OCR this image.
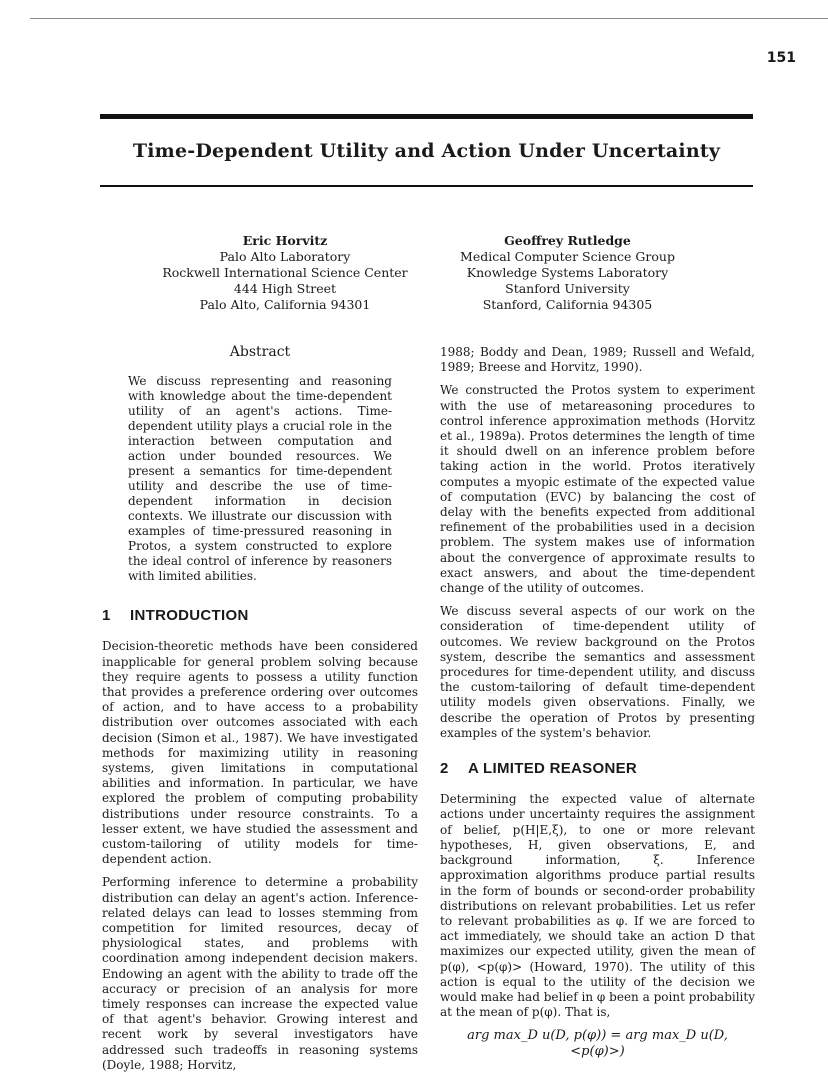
151
Time-Dependent Utility and Action Under Uncertainty
Eric Horvitz
Palo Alto Laboratory
Rockwell International Science Center
444 High Street
Palo Alto, California 94301
Geoffrey Rutledge
Medical Computer Science Group
Knowledge Systems Laboratory
Stanford University
Stanford, California 94305
Abstract
We discuss representing and reasoning with knowledge about the time-dependent utility of an agent's actions. Time-dependent utility plays a crucial role in the interaction between computation and action under bounded resources. We present a semantics for time-dependent utility and describe the use of time-dependent information in decision contexts. We illustrate our discussion with examples of time-pressured reasoning in Protos, a system constructed to explore the ideal control of inference by reasoners with limited abilities.
1	INTRODUCTION

Decision-theoretic methods have been considered inapplicable for general problem solving because they require agents to possess a utility function that provides a preference ordering over outcomes of action, and to have access to a probability distribution over outcomes associated with each decision (Simon et al., 1987). We have investigated methods for maximizing utility in reasoning systems, given limitations in computational abilities and information. In particular, we have explored the problem of computing probability distributions under resource constraints. To a lesser extent, we have studied the assessment and custom-tailoring of utility models for time-dependent action.

Performing inference to determine a probability distribution can delay an agent's action. Inference-related delays can lead to losses stemming from competition for limited resources, decay of physiological states, and problems with coordination among independent decision makers. Endowing an agent with the ability to trade off the accuracy or precision of an analysis for more timely responses can increase the expected value of that agent's behavior. Growing interest and recent work by several investigators have addressed such tradeoffs in reasoning systems (Doyle, 1988; Horvitz,

1988; Boddy and Dean, 1989; Russell and Wefald, 1989; Breese and Horvitz, 1990).

We constructed the Protos system to experiment with the use of metareasoning procedures to control inference approximation methods (Horvitz et al., 1989a). Protos determines the length of time it should dwell on an inference problem before taking action in the world. Protos iteratively computes a myopic estimate of the expected value of computation (EVC) by balancing the cost of delay with the benefits expected from additional refinement of the probabilities used in a decision problem. The system makes use of information about the convergence of approximate results to exact answers, and about the time-dependent change of the utility of outcomes.

We discuss several aspects of our work on the consideration of time-dependent utility of outcomes. We review background on the Protos system, describe the semantics and assessment procedures for time-dependent utility, and discuss the custom-tailoring of default time-dependent utility models given observations. Finally, we describe the operation of Protos by presenting examples of the system's behavior.

2	A LIMITED REASONER

Determining the expected value of alternate actions under uncertainty requires the assignment of belief, p(H|E,ξ), to one or more relevant hypotheses, H, given observations, E, and background information, ξ. Inference approximation algorithms produce partial results in the form of bounds or second-order probability distributions on relevant probabilities. Let us refer to relevant probabilities as φ. If we are forced to act immediately, we should take an action D that maximizes our expected utility, given the mean of p(φ), <p(φ)> (Howard, 1970). The utility of this action is equal to the utility of the decision we would make had belief in φ been a point probability at the mean of p(φ). That is,

arg max_D u(D, p(φ)) = arg max_D u(D, <p(φ)>)
